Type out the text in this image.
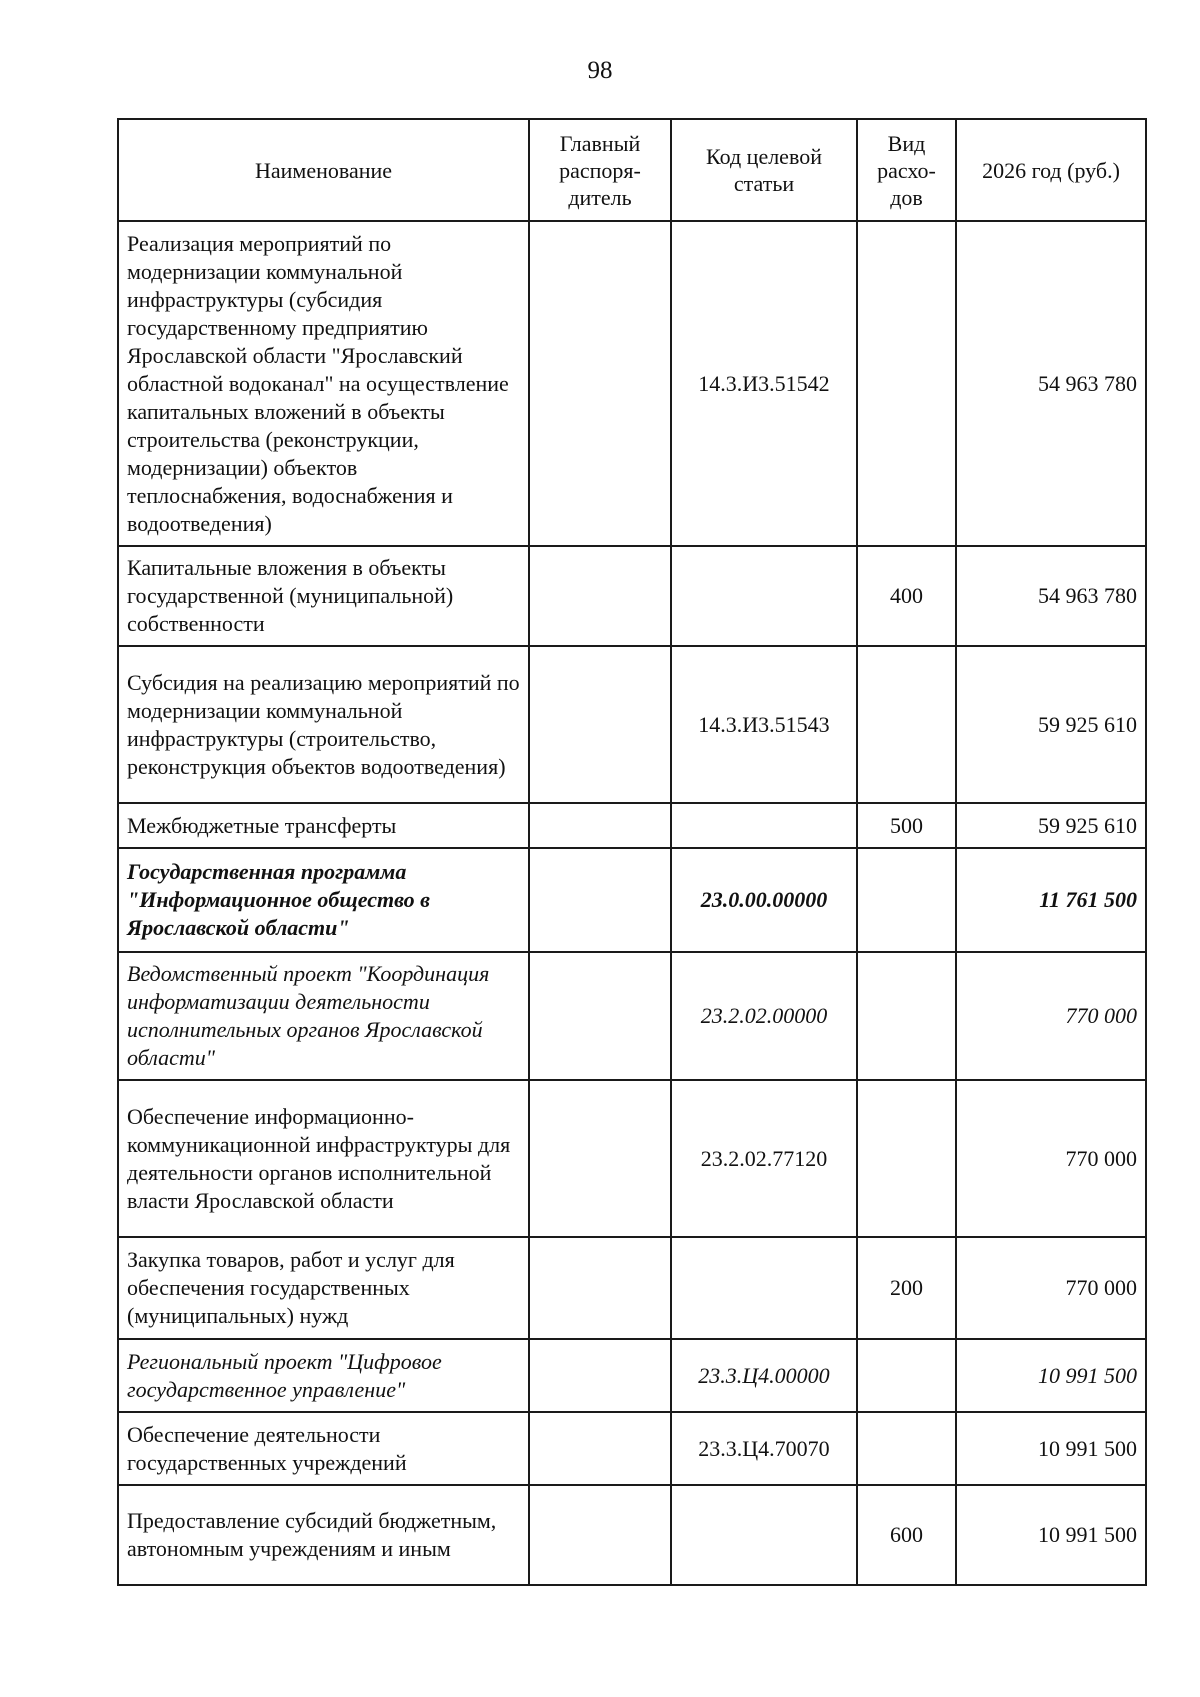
98
Наименование	Главный распоря-дитель	Код целевой статьи	Вид расхо-дов	2026 год (руб.)
Реализация мероприятий по модернизации коммунальной инфраструктуры (субсидия государственному предприятию Ярославской области "Ярославский областной водоканал" на осуществление капитальных вложений в объекты строительства (реконструкции, модернизации) объектов теплоснабжения, водоснабжения и водоотведения)		14.3.И3.51542		54 963 780
Капитальные вложения в объекты государственной (муниципальной) собственности			400	54 963 780
Субсидия на реализацию мероприятий по модернизации коммунальной инфраструктуры (строительство, реконструкция объектов водоотведения)		14.3.И3.51543		59 925 610
Межбюджетные трансферты			500	59 925 610
Государственная программа "Информационное общество в Ярославской области"		23.0.00.00000		11 761 500
Ведомственный проект "Координация информатизации деятельности исполнительных органов Ярославской области"		23.2.02.00000		770 000
Обеспечение информационно-коммуникационной инфраструктуры для деятельности органов исполнительной власти Ярославской области		23.2.02.77120		770 000
Закупка товаров, работ и услуг для обеспечения государственных (муниципальных) нужд			200	770 000
Региональный проект "Цифровое государственное управление"		23.3.Ц4.00000		10 991 500
Обеспечение деятельности государственных учреждений		23.3.Ц4.70070		10 991 500
Предоставление субсидий бюджетным, автономным учреждениям и иным			600	10 991 500
